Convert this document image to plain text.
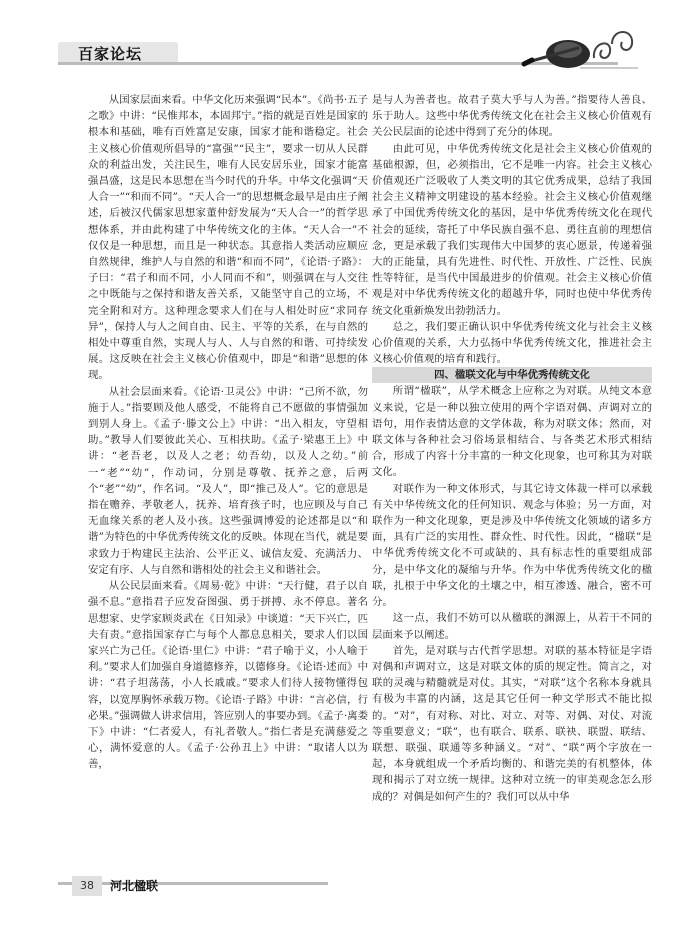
百家论坛

从国家层面来看。中华文化历来强调“民本”。《尚书·五子之歌》中讲：“民惟邦本，本固邦宁。”指的就是百姓是国家的根本和基础，唯有百姓富足安康，国家才能和谐稳定。社会主义核心价值观所倡导的“富强”“民主”，要求一切从人民群众的利益出发，关注民生，唯有人民安居乐业，国家才能富强昌盛，这是民本思想在当今时代的升华。中华文化强调“天人合一”“和而不同”。“天人合一”的思想概念最早是由庄子阐述，后被汉代儒家思想家董仲舒发展为“天人合一”的哲学思想体系，并由此构建了中华传统文化的主体。“天人合一”不仅仅是一种思想，而且是一种状态。其意指人类活动应顺应自然规律，维护人与自然的和谐“和而不同”，《论语·子路》：子曰：“君子和而不同，小人同而不和”，则强调在与人交往之中既能与之保持和谐友善关系，又能坚守自己的立场，不完全附和对方。这种理念要求人们在与人相处时应“求同存异”，保持人与人之间自由、民主、平等的关系，在与自然的相处中尊重自然，实现人与人、人与自然的和谐、可持续发展。这反映在社会主义核心价值观中，即是“和谐”思想的体现。

从社会层面来看。《论语·卫灵公》中讲：“己所不欲，勿施于人。”指要顾及他人感受，不能将自己不愿做的事情强加到别人身上。《孟子·滕文公上》中讲：“出入相友，守望相助。”教导人们要彼此关心、互相扶助。《孟子·梁惠王上》中讲：“老吾老，以及人之老；幼吾幼，以及人之幼。”前一“老”“幼”，作动词，分别是尊敬、抚养之意，后两个“老”“幼”，作名词。“及人”，即“推己及人”。它的意思是指在赡养、孝敬老人，抚养、培育孩子时，也应顾及与自己无血缘关系的老人及小孩。这些强调博爱的论述都是以“和谐”为特色的中华优秀传统文化的反映。体现在当代，就是要求致力于构建民主法治、公平正义、诚信友爱、充满活力、安定有序、人与自然和谐相处的社会主义和谐社会。

从公民层面来看。《周易·乾》中讲：“天行健，君子以自强不息。”意指君子应发奋图强、勇于拼搏、永不停息。著名思想家、史学家顾炎武在《日知录》中谈道：“天下兴亡，匹夫有责。”意指国家存亡与每个人都息息相关，要求人们以国家兴亡为己任。《论语·里仁》中讲：“君子喻于义，小人喻于利。”要求人们加强自身道德修养，以德修身。《论语·述而》中讲：“君子坦荡荡，小人长戚戚。”要求人们待人接物懂得包容，以宽厚胸怀承载万物。《论语·子路》中讲：“言必信，行必果。”强调做人讲求信用，答应别人的事要办到。《孟子·离娄下》中讲：“仁者爱人，有礼者敬人。”指仁者是充满慈爱之心，满怀爱意的人。《孟子·公孙丑上》中讲：“取诸人以为善，

是与人为善者也。故君子莫大乎与人为善。”指要待人善良、乐于助人。这些中华优秀传统文化在社会主义核心价值观有关公民层面的论述中得到了充分的体现。

由此可见，中华优秀传统文化是社会主义核心价值观的基础根源，但，必须指出，它不是唯一内容。社会主义核心价值观还广泛吸收了人类文明的其它优秀成果，总结了我国社会主义精神文明建设的基本经验。社会主义核心价值观继承了中国优秀传统文化的基因，是中华优秀传统文化在现代社会的延续，寄托了中华民族自强不息、勇往直前的理想信念，更是承载了我们实现伟大中国梦的衷心愿景，传递着强大的正能量，具有先进性、时代性、开放性、广泛性、民族性等特征，是当代中国最进步的价值观。社会主义核心价值观是对中华优秀传统文化的超越升华，同时也使中华优秀传统文化重新焕发出勃勃活力。

总之，我们要正确认识中华优秀传统文化与社会主义核心价值观的关系，大力弘扬中华优秀传统文化，推进社会主义核心价值观的培育和践行。

四、楹联文化与中华优秀传统文化

所谓“楹联”，从学术概念上应称之为对联。从纯文本意义来说，它是一种以独立使用的两个字语对偶、声调对立的语句，用作表情达意的文学体裁，称为对联文体；然而，对联文体与各种社会习俗场景相结合、与各类艺术形式相结合，形成了内容十分丰富的一种文化现象，也可称其为对联文化。

对联作为一种文体形式，与其它诗文体裁一样可以承载有关中华传统文化的任何知识、观念与体验；另一方面，对联作为一种文化现象，更是涉及中华传统文化领域的诸多方面，具有广泛的实用性、群众性、时代性。因此，“楹联”是中华优秀传统文化不可或缺的、具有标志性的重要组成部分，是中华文化的凝缩与升华。作为中华优秀传统文化的楹联，扎根于中华文化的土壤之中，相互渗透、融合，密不可分。

这一点，我们不妨可以从楹联的渊源上，从若干不同的层面来予以阐述。

首先，是对联与古代哲学思想。对联的基本特征是字语对偶和声调对立，这是对联文体的质的规定性。简言之，对联的灵魂与精髓就是对仗。其实，“对联”这个名称本身就具有极为丰富的内涵，这是其它任何一种文学形式不能比拟的。“对”，有对称、对比、对立、对等、对偶、对仗、对流等重要意义；“联”，也有联合、联系、联袂、联盟、联结、联想、联强、联通等多种涵义。“对”、“联”两个字放在一起，本身就组成一个矛盾均衡的、和谐完美的有机整体，体现和揭示了对立统一规律。这种对立统一的审美观念怎么形成的？对偶是如何产生的？我们可以从中华

38	河北楹联
